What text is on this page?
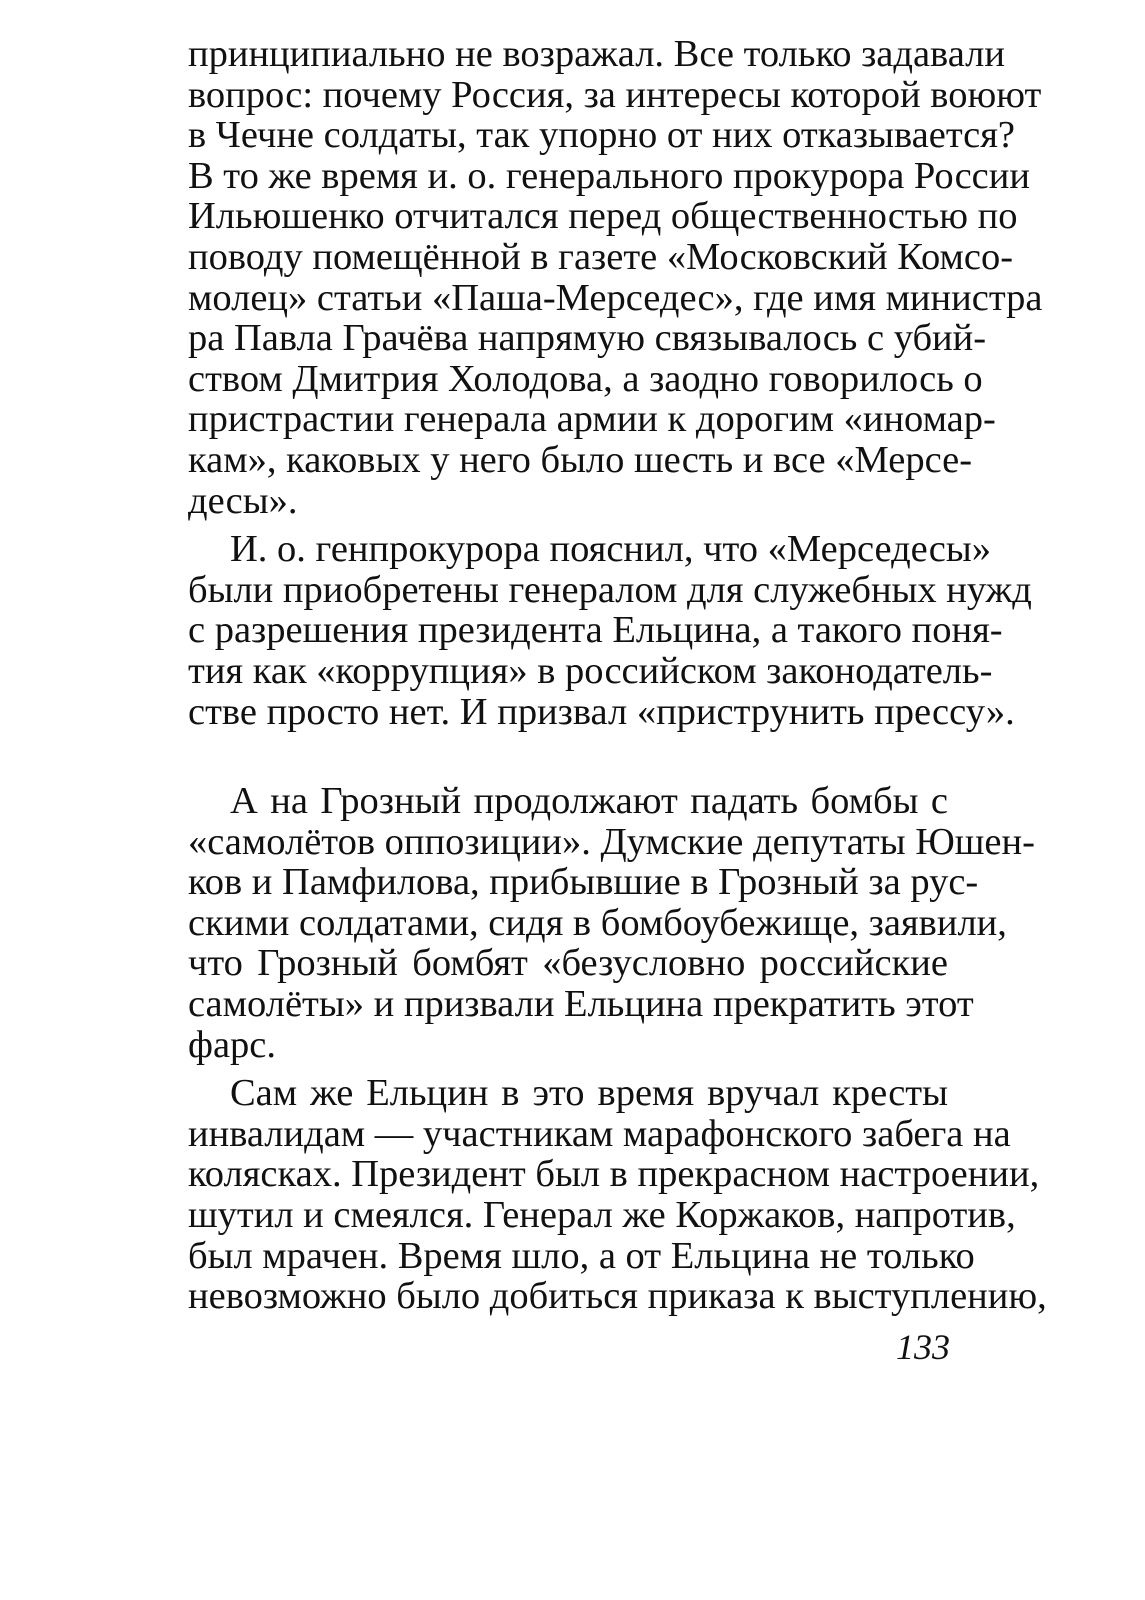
принципиально не возражал. Все только задавали
вопрос: почему Россия, за интересы которой воюют
в Чечне солдаты, так упорно от них отказывается?
В то же время и. о. генерального прокурора России
Ильюшенко отчитался перед общественностью по
поводу помещённой в газете «Московский Комсо-
молец» статьи «Паша-Мерседес», где имя министра
ра Павла Грачёва напрямую связывалось с убий-
ством Дмитрия Холодова, а заодно говорилось о
пристрастии генерала армии к дорогим «иномар-
кам», каковых у него было шесть и все «Мерсе-
десы».

И. о. генпрокурора пояснил, что «Мерседесы»
были приобретены генералом для служебных нужд
с разрешения президента Ельцина, а такого поня-
тия как «коррупция» в российском законодатель-
стве просто нет. И призвал «приструнить прессу».

А на Грозный продолжают падать бомбы с
«самолётов оппозиции». Думские депутаты Юшен-
ков и Памфилова, прибывшие в Грозный за рус-
скими солдатами, сидя в бомбоубежище, заявили,
что Грозный бомбят «безусловно российские
самолёты» и призвали Ельцина прекратить этот
фарс.

Сам же Ельцин в это время вручал кресты
инвалидам — участникам марафонского забега на
колясках. Президент был в прекрасном настроении,
шутил и смеялся. Генерал же Коржаков, напротив,
был мрачен. Время шло, а от Ельцина не только
невозможно было добиться приказа к выступлению,

133
